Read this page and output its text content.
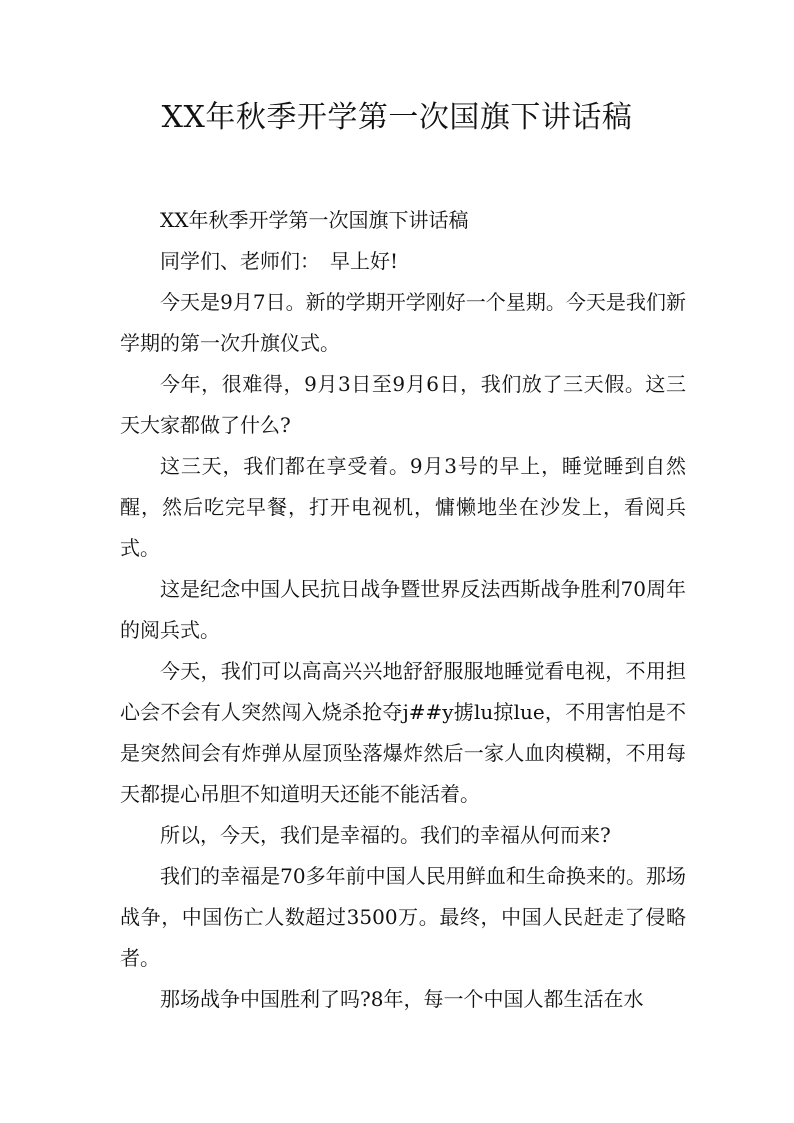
XX年秋季开学第一次国旗下讲话稿

XX年秋季开学第一次国旗下讲话稿

同学们、老师们：　早上好!

今天是9月7日。新的学期开学刚好一个星期。今天是我们新学期的第一次升旗仪式。

今年，很难得，9月3日至9月6日，我们放了三天假。这三天大家都做了什么?

这三天，我们都在享受着。9月3号的早上，睡觉睡到自然醒，然后吃完早餐，打开电视机，慵懒地坐在沙发上，看阅兵式。

这是纪念中国人民抗日战争暨世界反法西斯战争胜利70周年的阅兵式。

今天，我们可以高高兴兴地舒舒服服地睡觉看电视，不用担心会不会有人突然闯入烧杀抢夺j##y掳lu掠lue，不用害怕是不是突然间会有炸弹从屋顶坠落爆炸然后一家人血肉模糊，不用每天都提心吊胆不知道明天还能不能活着。

所以，今天，我们是幸福的。我们的幸福从何而来?

我们的幸福是70多年前中国人民用鲜血和生命换来的。那场战争，中国伤亡人数超过3500万。最终，中国人民赶走了侵略者。

那场战争中国胜利了吗?8年，每一个中国人都生活在水
